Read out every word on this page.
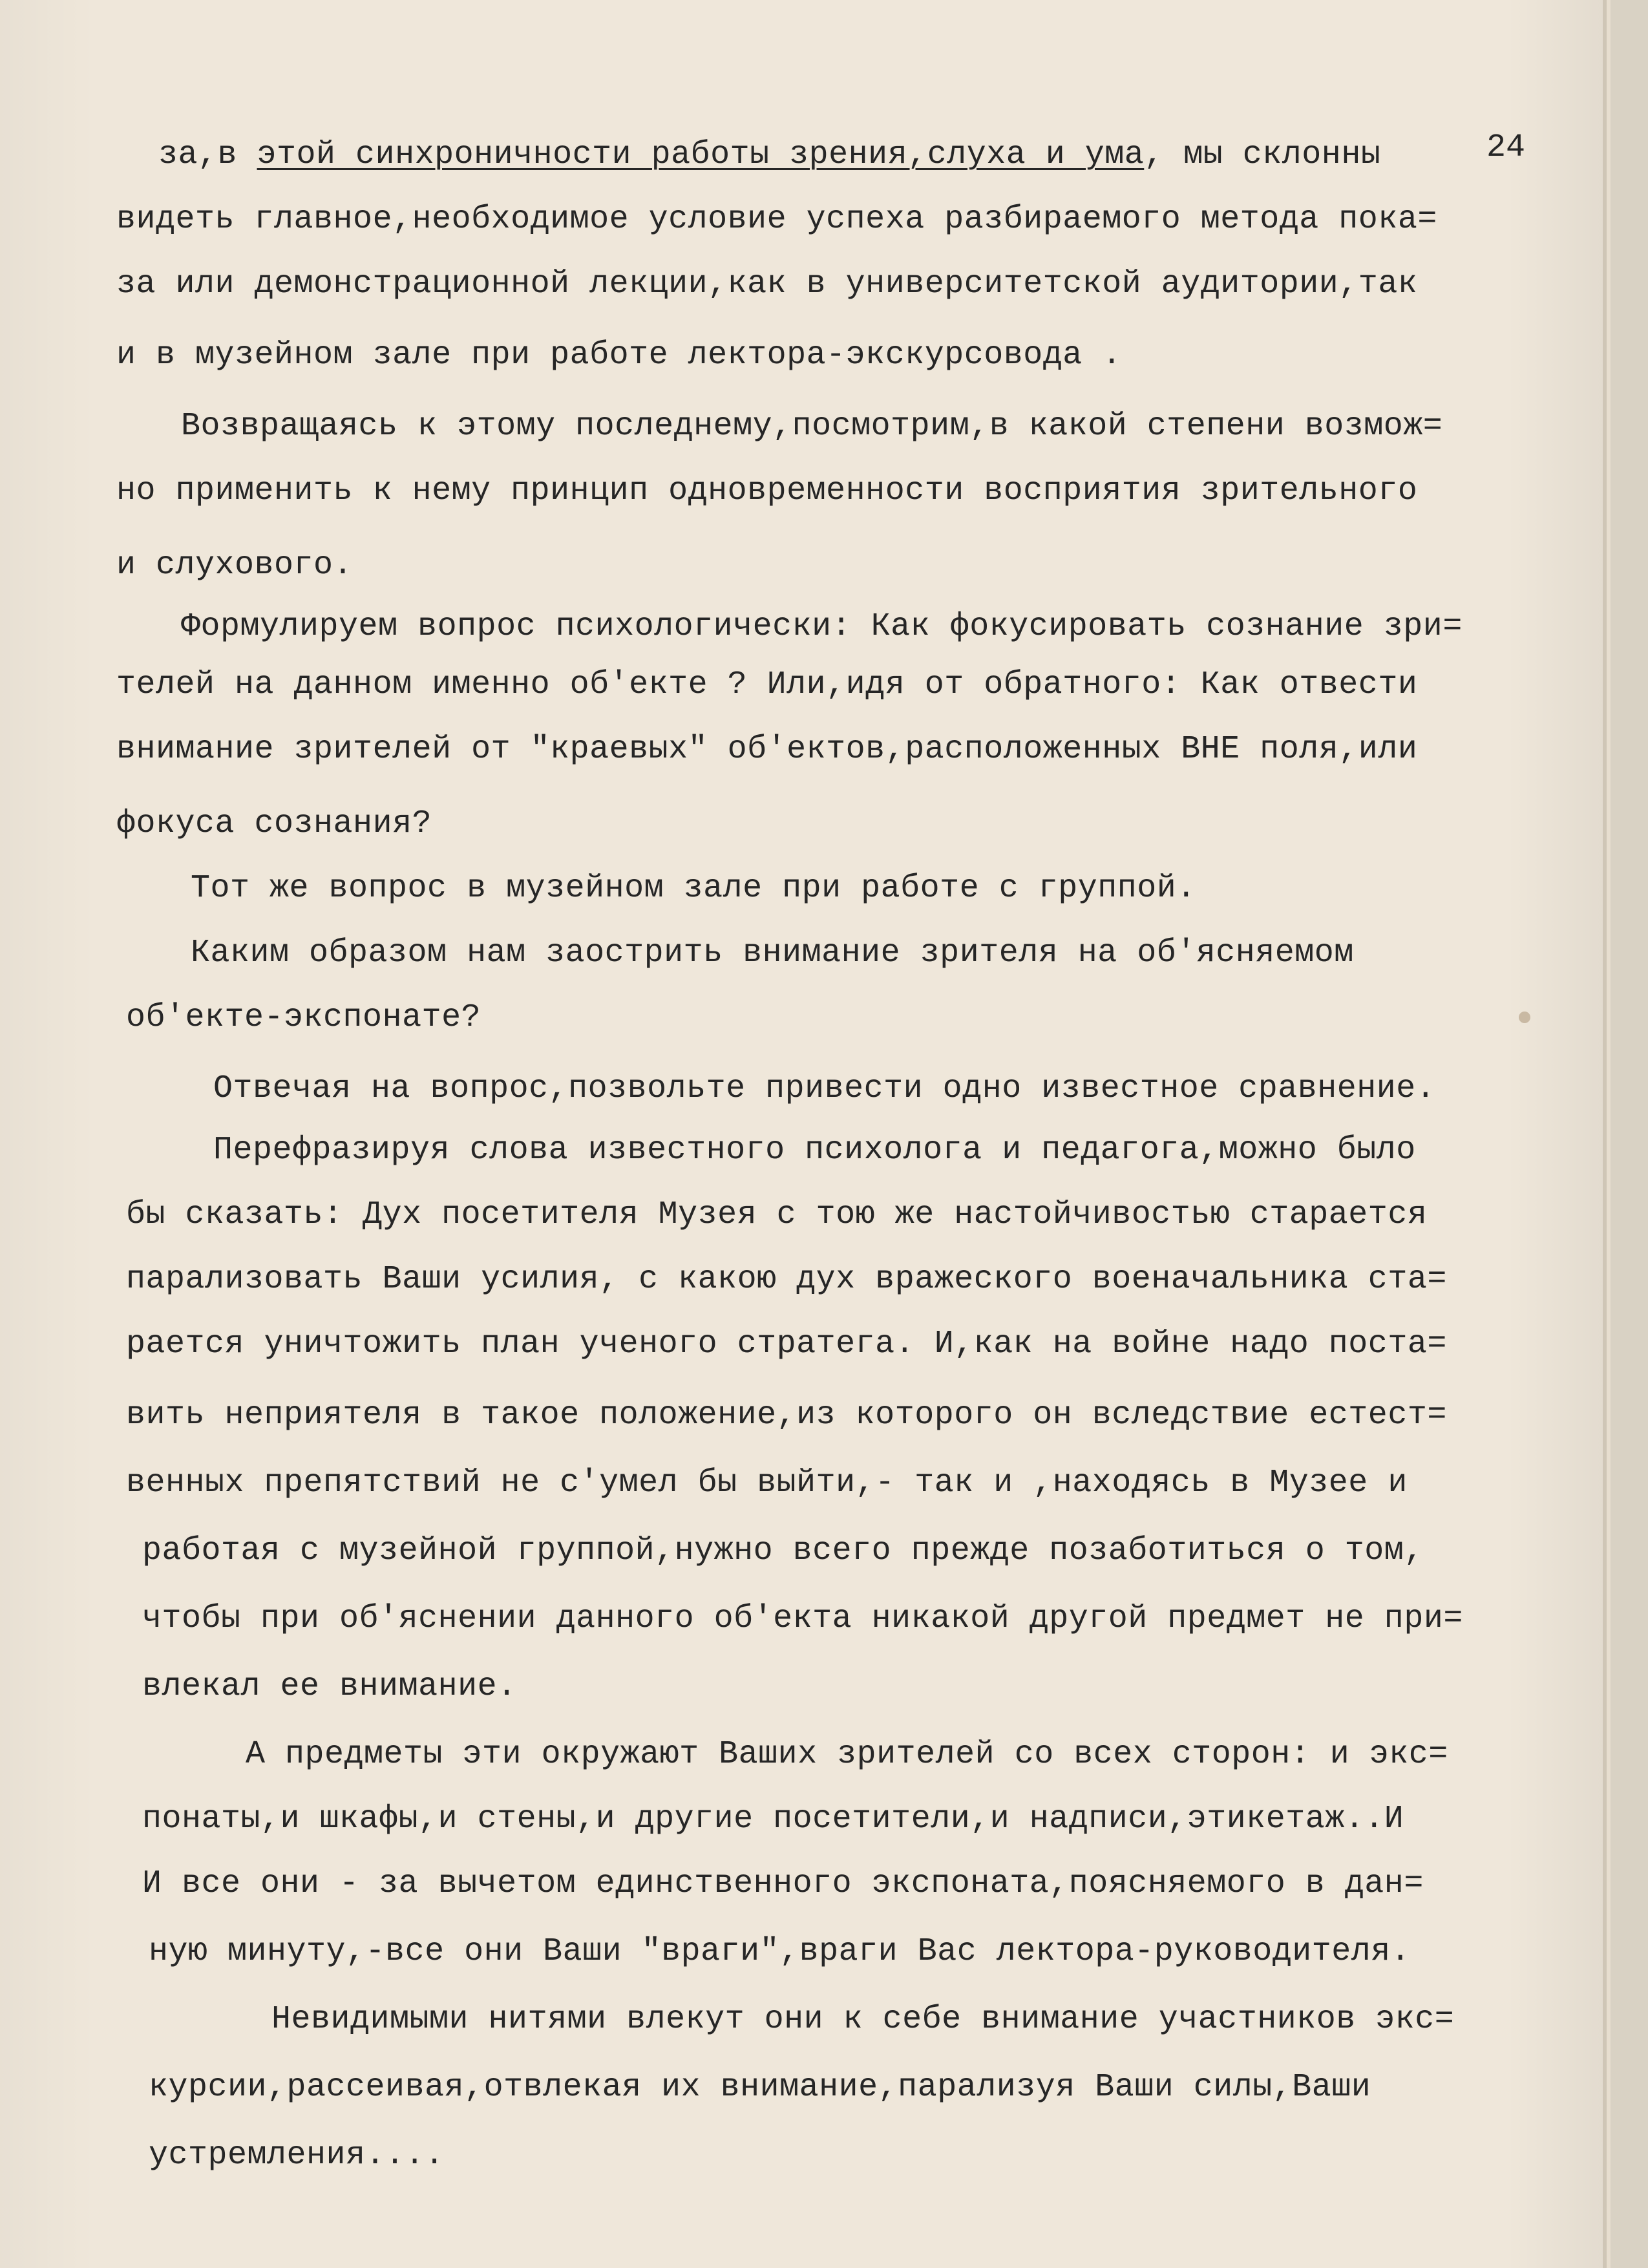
24
за,в этой синхроничности работы зрения,слуха и ума, мы склонны
видеть главное,необходимое условие успеха разбираемого метода пока=
за или демонстрационной лекции,как в университетской аудитории,так
и в музейном зале при работе лектора-экскурсовода .
Возвращаясь к этому последнему,посмотрим,в какой степени возмож=
но применить к нему принцип одновременности восприятия зрительного
и слухового.
Формулируем вопрос психологически: Как фокусировать сознание зри=
телей на данном именно об'екте ? Или,идя от обратного: Как отвести
внимание зрителей от "краевых" об'ектов,расположенных ВНЕ поля,или
фокуса сознания?
Тот же вопрос в музейном зале при работе с группой.
Каким образом нам заострить внимание зрителя на об'ясняемом
об'екте-экспонате?
Отвечая на вопрос,позвольте привести одно известное сравнение.
Перефразируя слова известного психолога и педагога,можно было
бы сказать: Дух посетителя Музея с тою же настойчивостью старается
парализовать Ваши усилия, с какою дух вражеского военачальника ста=
рается уничтожить план ученого стратега. И,как на войне надо поста=
вить неприятеля в такое положение,из которого он вследствие естест=
венных препятствий не с'умел бы выйти,- так и ,находясь в Музее и
работая с музейной группой,нужно всего прежде позаботиться о том,
чтобы при об'яснении данного об'екта никакой другой предмет не при=
влекал ее внимание.
А предметы эти окружают Ваших зрителей со всех сторон: и экс=
понаты,и шкафы,и стены,и другие посетители,и надписи,этикетаж..И
И все они - за вычетом единственного экспоната,поясняемого в дан=
ную минуту,-все они Ваши "враги",враги Вас лектора-руководителя.
Невидимыми нитями влекут они к себе внимание участников экс=
курсии,рассеивая,отвлекая их внимание,парализуя Ваши силы,Ваши
устремления....
